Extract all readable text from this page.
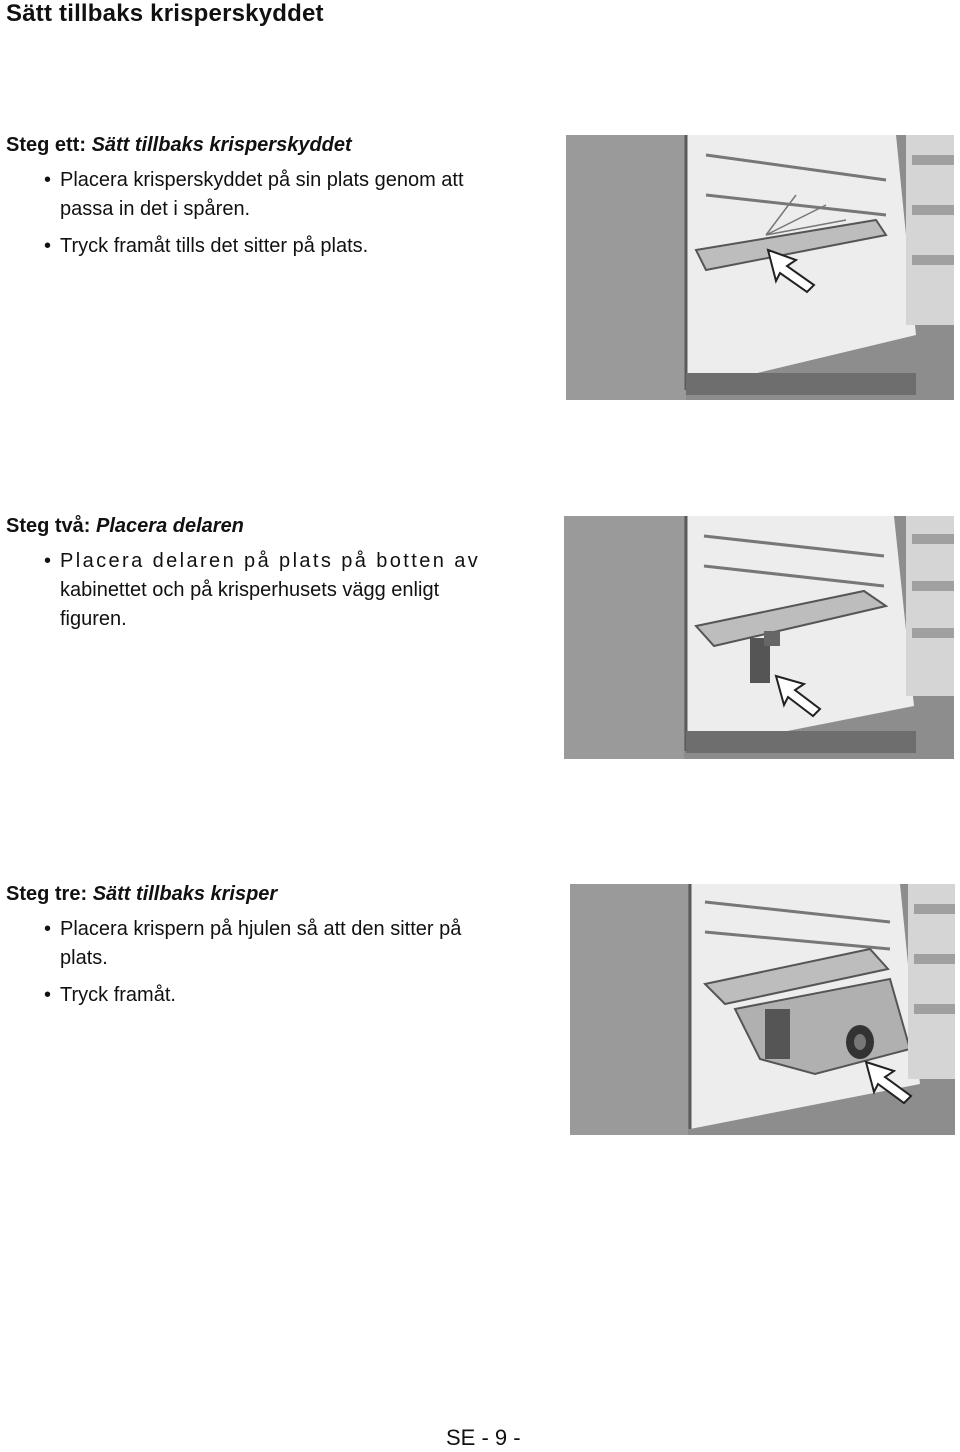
Sätt tillbaks krisperskyddet

Steg ett: Sätt tillbaks krisperskyddet

• Placera krisperskyddet på sin plats genom att
passa in det i spåren.
• Tryck framåt tills det sitter på plats.

Steg två: Placera delaren

• Placera delaren på plats på botten av
kabinettet och på krisperhusets vägg enligt
figuren.

Steg tre: Sätt tillbaks krisper

• Placera krispern på hjulen så att den sitter på
plats.
• Tryck framåt.
SE - 9 -
